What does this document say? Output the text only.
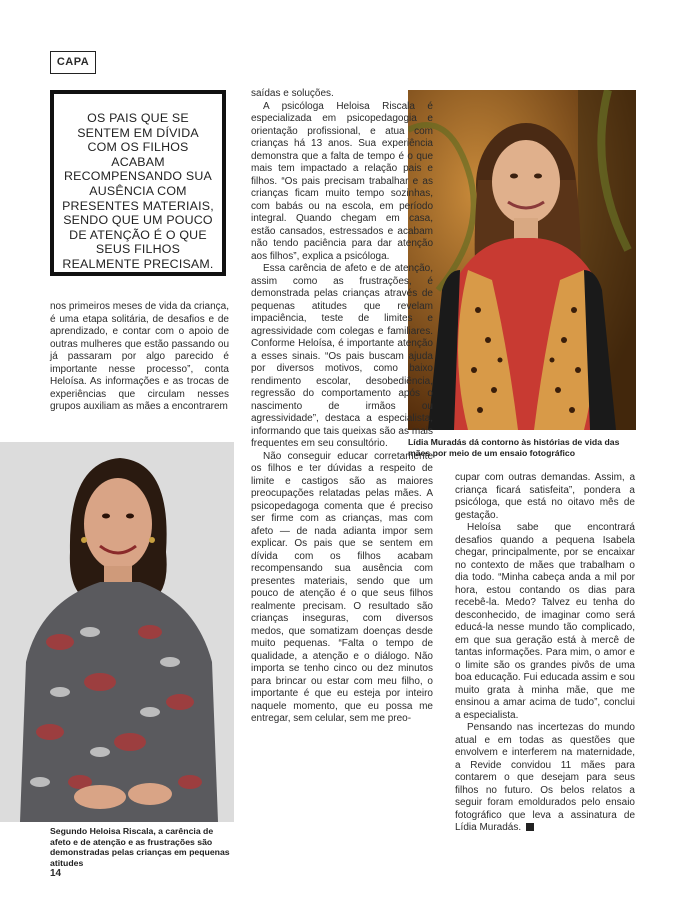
CAPA
OS PAIS QUE SE SENTEM EM DÍVIDA COM OS FILHOS ACABAM RECOMPENSANDO SUA AUSÊNCIA COM PRESENTES MATERIAIS, SENDO QUE UM POUCO DE ATENÇÃO É O QUE SEUS FILHOS REALMENTE PRECISAM.

nos primeiros meses de vida da criança, é uma etapa solitária, de desafios e de aprendizado, e contar com o apoio de outras mulheres que estão passando ou já passaram por algo parecido é importante nesse processo”, conta Heloísa. As informações e as trocas de experiências que circulam nesses grupos auxiliam as mães a encontrarem

Lídia Muradás dá contorno às histórias de vida das mães por meio de um ensaio fotográfico

saídas e soluções.

A psicóloga Heloisa Riscala é especializada em psicopedagogia e orientação profissional, e atua com crianças há 13 anos. Sua experiência demonstra que a falta de tempo é o que mais tem impactado a relação pais e filhos. “Os pais precisam trabalhar e as crianças ficam muito tempo sozinhas, com babás ou na escola, em período integral. Quando chegam em casa, estão cansados, estressados e acabam não tendo paciência para dar atenção aos filhos”, explica a psicóloga.

Essa carência de afeto e de atenção, assim como as frustrações, é demonstrada pelas crianças através de pequenas atitudes que revelam impaciência, teste de limites e agressividade com colegas e familiares. Conforme Heloísa, é importante atenção a esses sinais. “Os pais buscam ajuda por diversos motivos, como baixo rendimento escolar, desobediência, regressão do comportamento após o nascimento de irmãos ou agressividade”, destaca a especialista, informando que tais queixas são as mais frequentes em seu consultório.

Não conseguir educar corretamente os filhos e ter dúvidas a respeito de limite e castigos são as maiores preocupações relatadas pelas mães. A psicopedagoga comenta que é preciso ser firme com as crianças, mas com afeto — de nada adianta impor sem explicar. Os pais que se sentem em dívida com os filhos acabam recompensando sua ausência com presentes materiais, sendo que um pouco de atenção é o que seus filhos realmente precisam. O resultado são crianças inseguras, com diversos medos, que somatizam doenças desde muito pequenas. “Falta o tempo de qualidade, a atenção e o diálogo. Não importa se tenho cinco ou dez minutos para brincar ou estar com meu filho, o importante é que eu esteja por inteiro naquele momento, que eu possa me entregar, sem celular, sem me preo-

Segundo Heloisa Riscala, a carência de afeto e de atenção e as frustrações são demonstradas pelas crianças em pequenas atitudes

cupar com outras demandas. Assim, a criança ficará satisfeita”, pondera a psicóloga, que está no oitavo mês de gestação.

Heloísa sabe que encontrará desafios quando a pequena Isabela chegar, principalmente, por se encaixar no contexto de mães que trabalham o dia todo. “Minha cabeça anda a mil por hora, estou contando os dias para recebê-la. Medo? Talvez eu tenha do desconhecido, de imaginar como será educá-la nesse mundo tão complicado, em que sua geração está à mercê de tantas informações. Para mim, o amor e o limite são os grandes pivôs de uma boa educação. Fui educada assim e sou muito grata à minha mãe, que me ensinou a amar acima de tudo”, conclui a especialista.

Pensando nas incertezas do mundo atual e em todas as questões que envolvem e interferem na maternidade, a Revide convidou 11 mães para contarem o que desejam para seus filhos no futuro. Os belos relatos a seguir foram emoldurados pelo ensaio fotográfico que leva a assinatura de Lídia Muradás.

14
